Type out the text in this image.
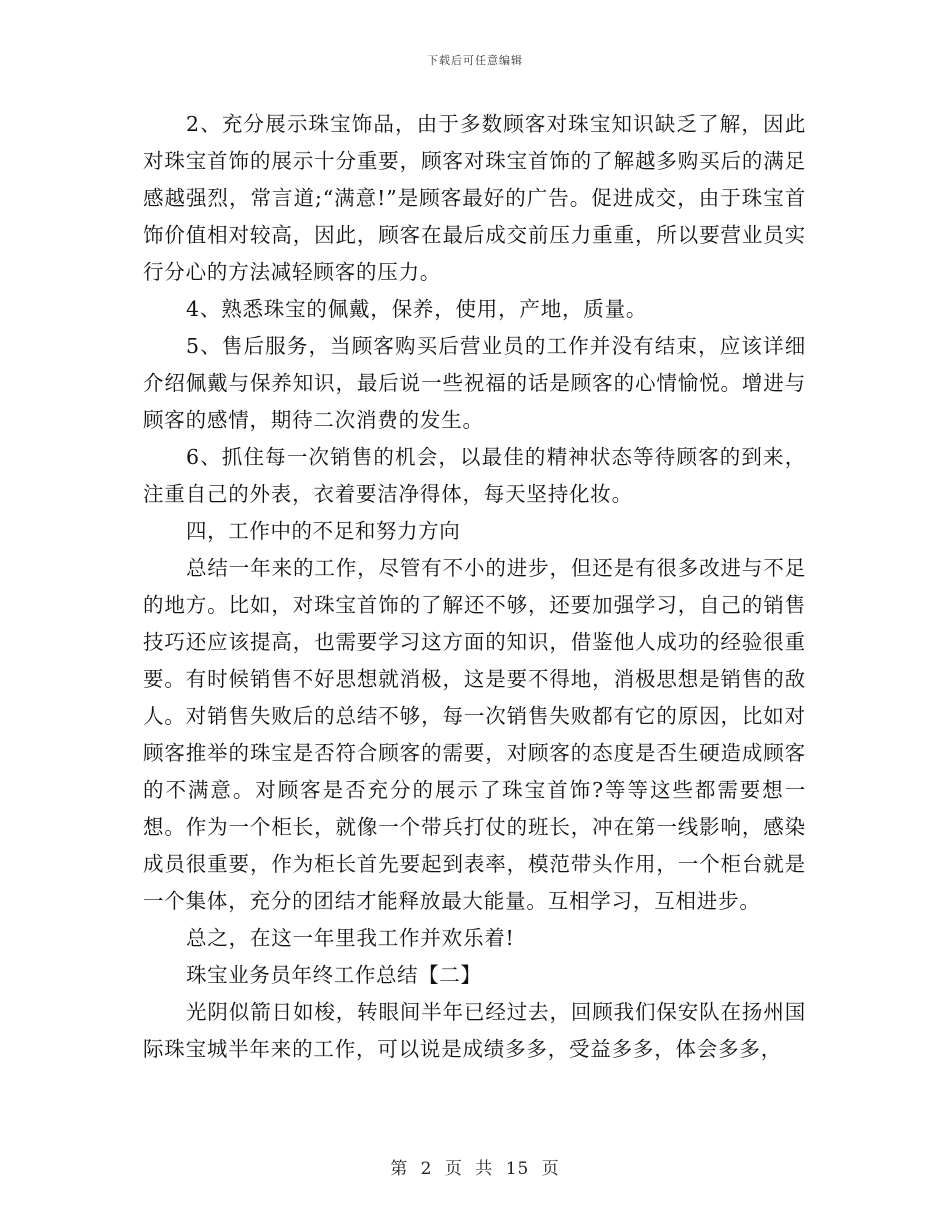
下载后可任意编辑

2、充分展示珠宝饰品，由于多数顾客对珠宝知识缺乏了解，因此对珠宝首饰的展示十分重要，顾客对珠宝首饰的了解越多购买后的满足感越强烈，常言道;“满意!”是顾客最好的广告。促进成交，由于珠宝首饰价值相对较高，因此，顾客在最后成交前压力重重，所以要营业员实行分心的方法减轻顾客的压力。

4、熟悉珠宝的佩戴，保养，使用，产地，质量。

5、售后服务，当顾客购买后营业员的工作并没有结束，应该详细介绍佩戴与保养知识，最后说一些祝福的话是顾客的心情愉悦。增进与顾客的感情，期待二次消费的发生。

6、抓住每一次销售的机会，以最佳的精神状态等待顾客的到来，注重自己的外表，衣着要洁净得体，每天坚持化妆。

四，工作中的不足和努力方向

总结一年来的工作，尽管有不小的进步，但还是有很多改进与不足的地方。比如，对珠宝首饰的了解还不够，还要加强学习，自己的销售技巧还应该提高，也需要学习这方面的知识，借鉴他人成功的经验很重要。有时候销售不好思想就消极，这是要不得地，消极思想是销售的敌人。对销售失败后的总结不够，每一次销售失败都有它的原因，比如对顾客推举的珠宝是否符合顾客的需要，对顾客的态度是否生硬造成顾客的不满意。对顾客是否充分的展示了珠宝首饰?等等这些都需要想一想。作为一个柜长，就像一个带兵打仗的班长，冲在第一线影响，感染成员很重要，作为柜长首先要起到表率，模范带头作用，一个柜台就是一个集体，充分的团结才能释放最大能量。互相学习，互相进步。

总之，在这一年里我工作并欢乐着!

珠宝业务员年终工作总结【二】

光阴似箭日如梭，转眼间半年已经过去，回顾我们保安队在扬州国际珠宝城半年来的工作，可以说是成绩多多，受益多多，体会多多，

第 2 页 共 15 页
